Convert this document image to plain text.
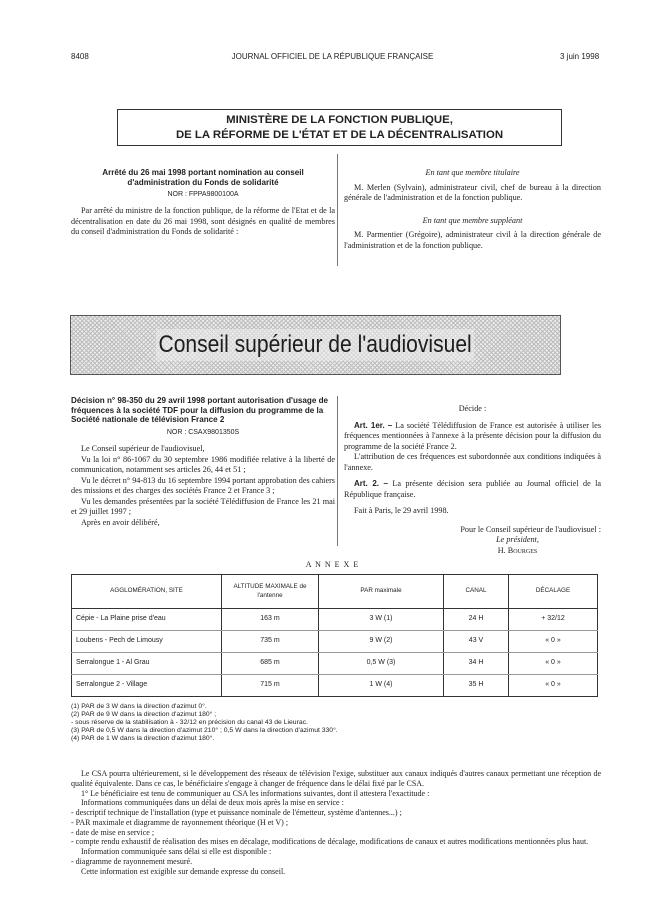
8408	JOURNAL OFFICIEL DE LA RÉPUBLIQUE FRANÇAISE	3 juin 1998
MINISTÈRE DE LA FONCTION PUBLIQUE,
DE LA RÉFORME DE L'ÉTAT ET DE LA DÉCENTRALISATION
Arrêté du 26 mai 1998 portant nomination au conseil d'administration du Fonds de solidarité
NOR : FPPA9800100A

Par arrêté du ministre de la fonction publique, de la réforme de l'Etat et de la décentralisation en date du 26 mai 1998, sont désignés en qualité de membres du conseil d'administration du Fonds de solidarité :

En tant que membre titulaire

M. Merlen (Sylvain), administrateur civil, chef de bureau à la direction générale de l'administration et de la fonction publique.

En tant que membre suppléant

M. Parmentier (Grégoire), administrateur civil à la direction générale de l'administration et de la fonction publique.

Conseil supérieur de l'audiovisuel
Décision n° 98-350 du 29 avril 1998 portant autorisation d'usage de fréquences à la société TDF pour la diffusion du programme de la Société nationale de télévision France 2
NOR : CSAX9801350S

Le Conseil supérieur de l'audiovisuel,

Vu la loi n° 86-1067 du 30 septembre 1986 modifiée relative à la liberté de communication, notamment ses articles 26, 44 et 51 ;

Vu le décret n° 94-813 du 16 septembre 1994 portant approbation des cahiers des missions et des charges des sociétés France 2 et France 3 ;

Vu les demandes présentées par la société Télédiffusion de France les 21 mai et 29 juillet 1997 ;

Après en avoir délibéré,

Décide :

Art. 1er. – La société Télédiffusion de France est autorisée à utiliser les fréquences mentionnées à l'annexe à la présente décision pour la diffusion du programme de la société France 2.

L'attribution de ces fréquences est subordonnée aux conditions indiquées à l'annexe.

Art. 2. – La présente décision sera publiée au Journal officiel de la République française.

Fait à Paris, le 29 avril 1998.

Pour le Conseil supérieur de l'audiovisuel :
Le président,
H. Bourges
A N N E X E
AGGLOMÉRATION, SITE	ALTITUDE MAXIMALE de l'antenne	PAR maximale	CANAL	DÉCALAGE
Cépie - La Plaine prise d'eau	163 m	3 W (1)	24 H	+ 32/12
Loubens - Pech de Limousy	735 m	9 W (2)	43 V	« 0 »
Serralongue 1 - Al Grau	685 m	0,5 W (3)	34 H	« 0 »
Serralongue 2 - Village	715 m	1 W (4)	35 H	« 0 »
(1) PAR de 3 W dans la direction d'azimut 0°.
(2) PAR de 9 W dans la direction d'azimut 180° ;
- sous réserve de la stabilisation à - 32/12 en précision du canal 43 de Lieurac.
(3) PAR de 0,5 W dans la direction d'azimut 210° ; 0,5 W dans la direction d'azimut 330°.
(4) PAR de 1 W dans la direction d'azimut 180°.

Le CSA pourra ultérieurement, si le développement des réseaux de télévision l'exige, substituer aux canaux indiqués d'autres canaux permettant une réception de qualité équivalente. Dans ce cas, le bénéficiaire s'engage à changer de fréquence dans le délai fixé par le CSA.

1° Le bénéficiaire est tenu de communiquer au CSA les informations suivantes, dont il attestera l'exactitude :

Informations communiquées dans un délai de deux mois après la mise en service :

- descriptif technique de l'installation (type et puissance nominale de l'émetteur, système d'antennes...) ;

- PAR maximale et diagramme de rayonnement théorique (H et V) ;

- date de mise en service ;

- compte rendu exhaustif de réalisation des mises en décalage, modifications de décalage, modifications de canaux et autres modifications mentionnées plus haut.

Information communiquée sans délai si elle est disponible :

- diagramme de rayonnement mesuré.

Cette information est exigible sur demande expresse du conseil.
